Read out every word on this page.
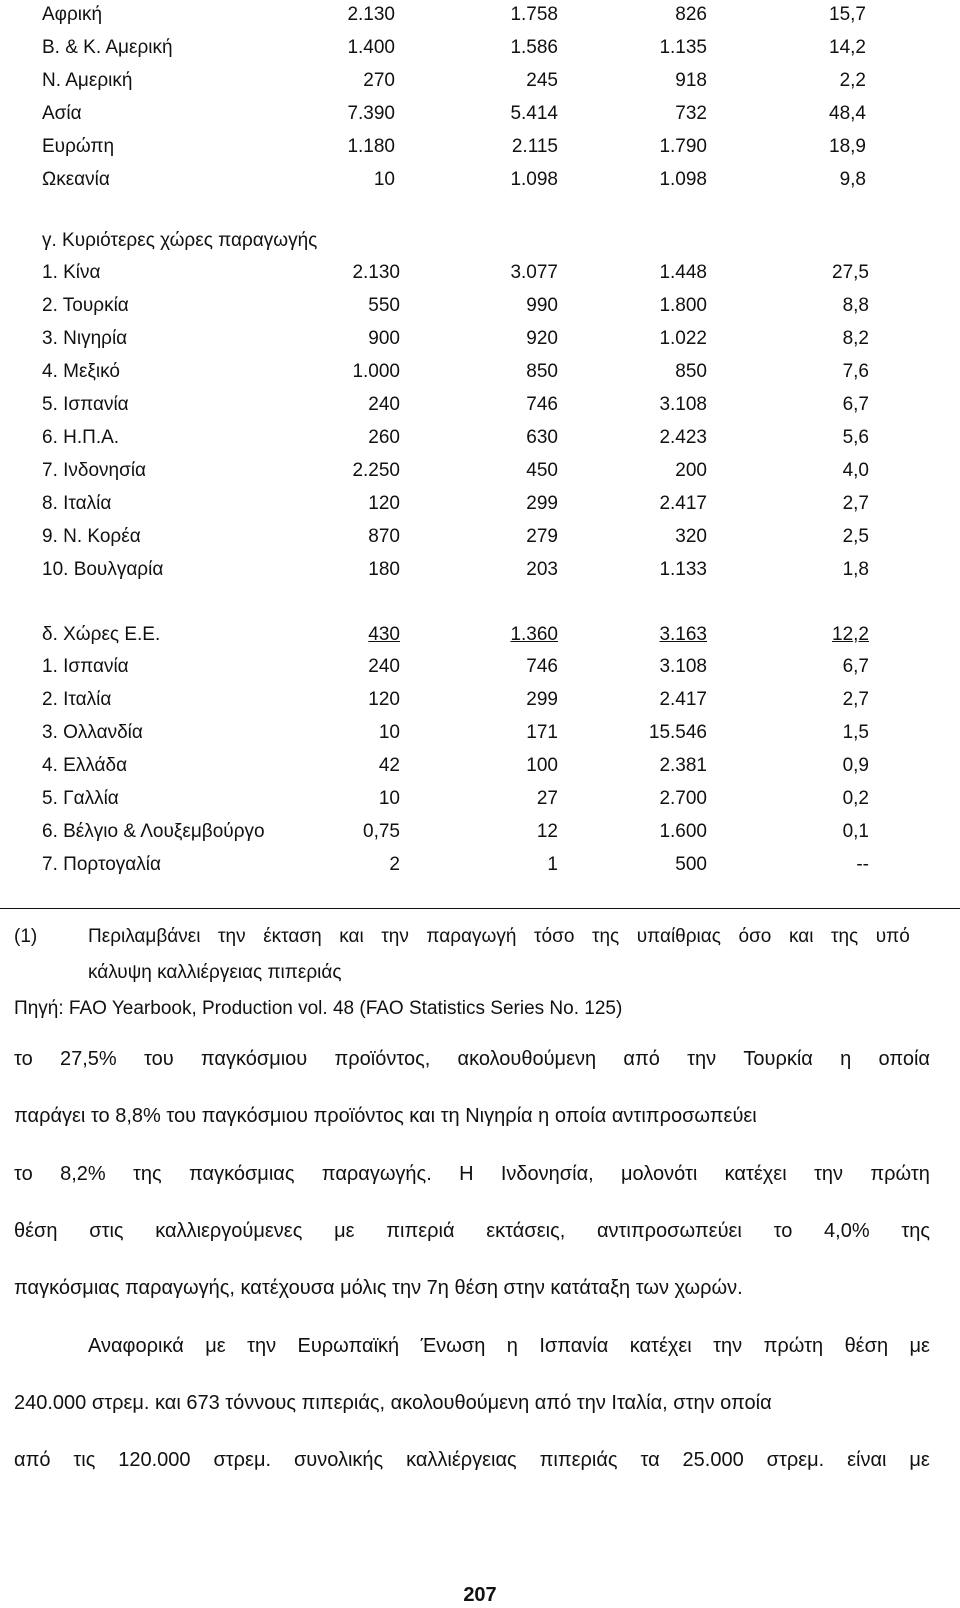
Αφρική	2.130	1.758	826	15,7
Β. & Κ. Αμερική	1.400	1.586	1.135	14,2
Ν. Αμερική	270	245	918	2,2
Ασία	7.390	5.414	732	48,4
Ευρώπη	1.180	2.115	1.790	18,9
Ωκεανία	10	1.098	1.098	9,8
γ. Κυριότερες χώρες παραγωγής
1. Κίνα	2.130	3.077	1.448	27,5
2. Τουρκία	550	990	1.800	8,8
3. Νιγηρία	900	920	1.022	8,2
4. Μεξικό	1.000	850	850	7,6
5. Ισπανία	240	746	3.108	6,7
6. Η.Π.Α.	260	630	2.423	5,6
7. Ινδονησία	2.250	450	200	4,0
8. Ιταλία	120	299	2.417	2,7
9. Ν. Κορέα	870	279	320	2,5
10. Βουλγαρία	180	203	1.133	1,8
δ. Χώρες Ε.Ε.	430	1.360	3.163	12,2
1. Ισπανία	240	746	3.108	6,7
2. Ιταλία	120	299	2.417	2,7
3. Ολλανδία	10	171	15.546	1,5
4. Ελλάδα	42	100	2.381	0,9
5. Γαλλία	10	27	2.700	0,2
6. Βέλγιο & Λουξεμβούργο	0,75	12	1.600	0,1
7. Πορτογαλία	2	1	500	--
(1)	Περιλαμβάνει την έκταση και την παραγωγή τόσο της υπαίθριας όσο και της υπό
κάλυψη καλλιέργειας πιπεριάς
Πηγή: FAO Yearbook, Production vol. 48 (FAO Statistics Series No. 125)
το 27,5% του παγκόσμιου προϊόντος, ακολουθούμενη από την Τουρκία η οποία
παράγει το 8,8% του παγκόσμιου προϊόντος και τη Νιγηρία η οποία αντιπροσωπεύει
το 8,2% της παγκόσμιας παραγωγής. Η Ινδονησία, μολονότι κατέχει την πρώτη
θέση στις καλλιεργούμενες με πιπεριά εκτάσεις, αντιπροσωπεύει το 4,0% της
παγκόσμιας παραγωγής, κατέχουσα μόλις την 7η θέση στην κατάταξη των χωρών.
Αναφορικά με την Ευρωπαϊκή Ένωση η Ισπανία κατέχει την πρώτη θέση με
240.000 στρεμ. και 673 τόννους πιπεριάς, ακολουθούμενη από την Ιταλία, στην οποία
από τις 120.000 στρεμ. συνολικής καλλιέργειας πιπεριάς τα 25.000 στρεμ. είναι με
207
